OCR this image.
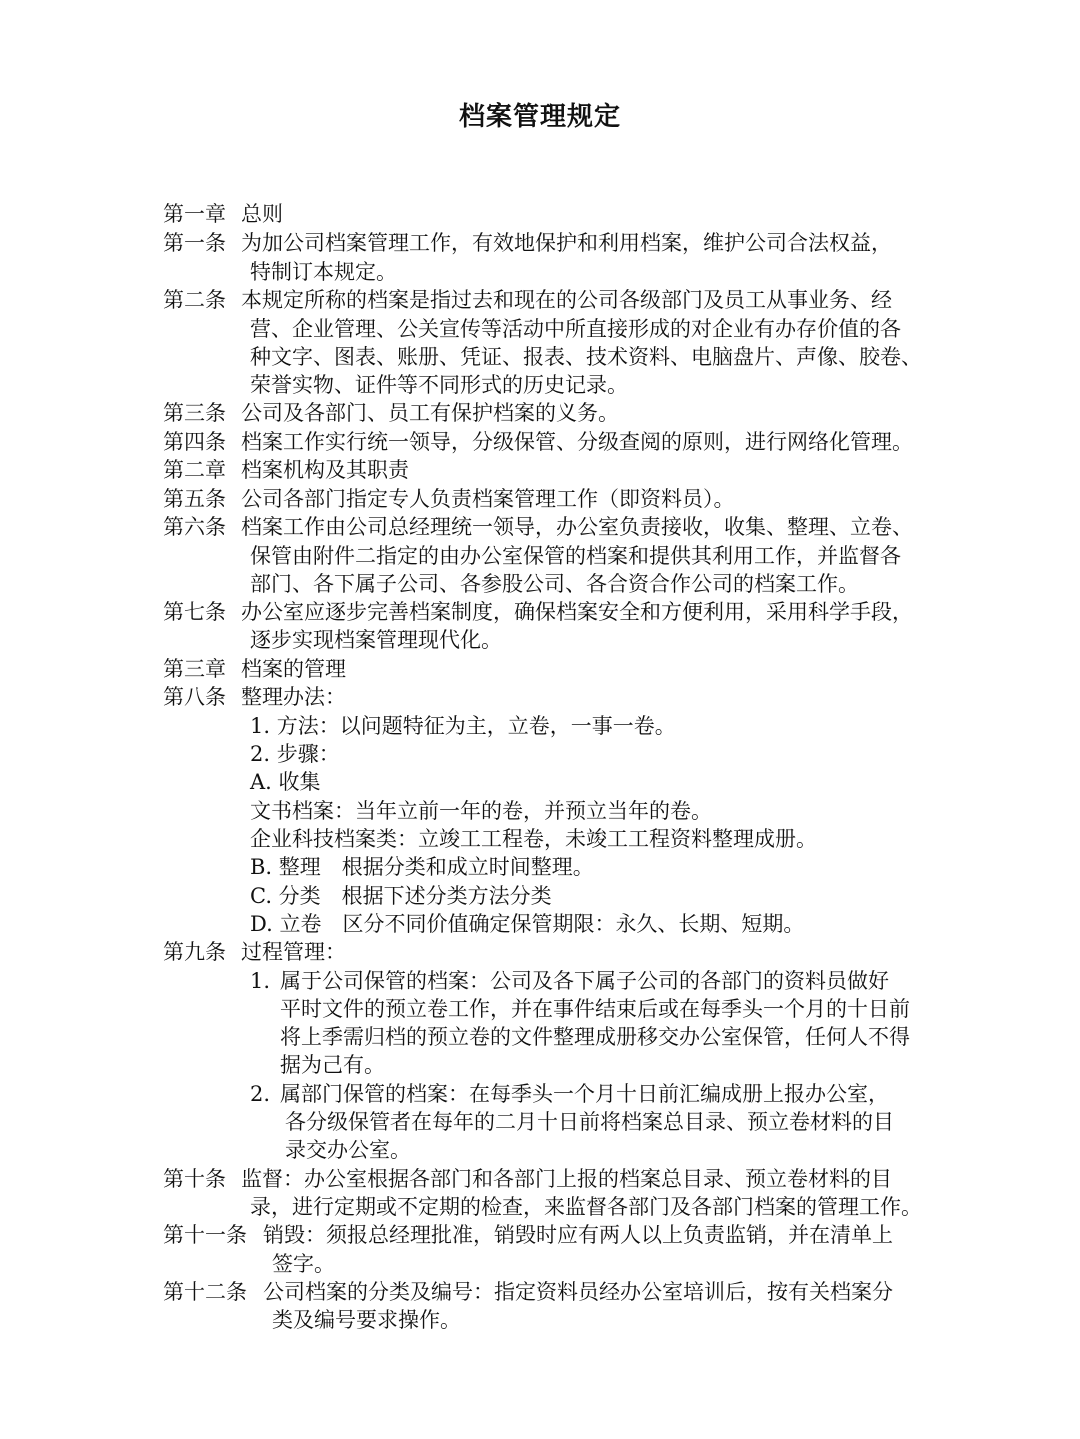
档案管理规定
第一章 总则
第一条 为加公司档案管理工作，有效地保护和利用档案，维护公司合法权益，
特制订本规定。
第二条 本规定所称的档案是指过去和现在的公司各级部门及员工从事业务、经
营、企业管理、公关宣传等活动中所直接形成的对企业有办存价值的各
种文字、图表、账册、凭证、报表、技术资料、电脑盘片、声像、胶卷、
荣誉实物、证件等不同形式的历史记录。
第三条 公司及各部门、员工有保护档案的义务。
第四条 档案工作实行统一领导，分级保管、分级查阅的原则，进行网络化管理。
第二章 档案机构及其职责
第五条 公司各部门指定专人负责档案管理工作（即资料员）。
第六条 档案工作由公司总经理统一领导，办公室负责接收，收集、整理、立卷、
保管由附件二指定的由办公室保管的档案和提供其利用工作，并监督各
部门、各下属子公司、各参股公司、各合资合作公司的档案工作。
第七条 办公室应逐步完善档案制度，确保档案安全和方便利用，采用科学手段，
逐步实现档案管理现代化。
第三章 档案的管理
第八条 整理办法：
1. 方法：以问题特征为主，立卷，一事一卷。
2. 步骤：
A. 收集
文书档案：当年立前一年的卷，并预立当年的卷。
企业科技档案类：立竣工工程卷，未竣工工程资料整理成册。
B. 整理　根据分类和成立时间整理。
C. 分类　根据下述分类方法分类
D. 立卷　区分不同价值确定保管期限：永久、长期、短期。
第九条 过程管理：
1. 属于公司保管的档案：公司及各下属子公司的各部门的资料员做好
平时文件的预立卷工作，并在事件结束后或在每季头一个月的十日前
将上季需归档的预立卷的文件整理成册移交办公室保管，任何人不得
据为己有。
2. 属部门保管的档案：在每季头一个月十日前汇编成册上报办公室，
各分级保管者在每年的二月十日前将档案总目录、预立卷材料的目
录交办公室。
第十条 监督：办公室根据各部门和各部门上报的档案总目录、预立卷材料的目
录，进行定期或不定期的检查，来监督各部门及各部门档案的管理工作。
第十一条 销毁：须报总经理批准，销毁时应有两人以上负责监销，并在清单上
签字。
第十二条 公司档案的分类及编号：指定资料员经办公室培训后，按有关档案分
类及编号要求操作。
